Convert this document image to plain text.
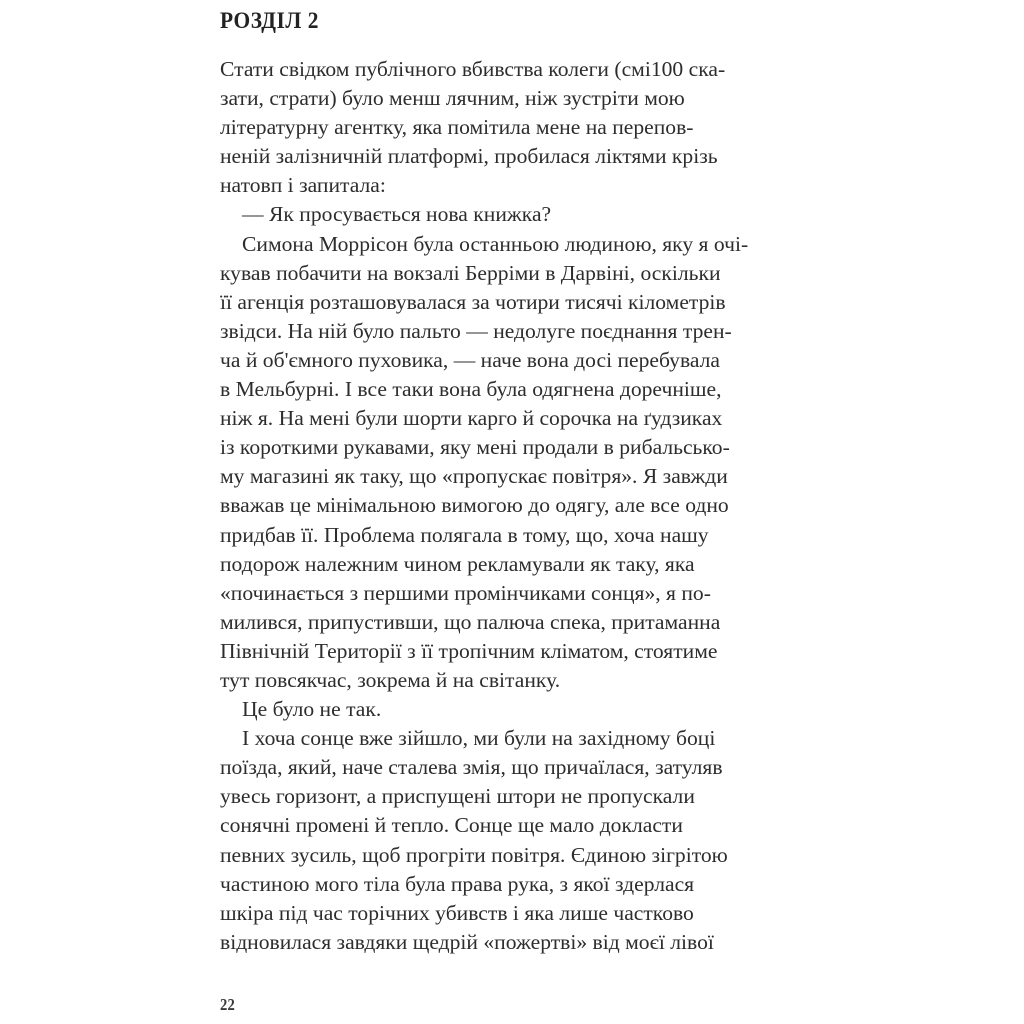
РОЗДІЛ 2

Стати свідком публічного вбивства колеги (смі100 ска-
зати, страти) було менш лячним, ніж зустріти мою
літературну агентку, яка помітила мене на перепов-
неній залізничній платформі, пробилася ліктями крізь
натовп і запитала:

— Як просувається нова книжка?

Симона Моррісон була останньою людиною, яку я очі-
кував побачити на вокзалі Берріми в Дарвіні, оскільки
її агенція розташовувалася за чотири тисячі кілометрів
звідси. На ній було пальто — недолуге поєднання трен-
ча й об'ємного пуховика, — наче вона досі перебувала
в Мельбурні. І все таки вона була одягнена доречніше,
ніж я. На мені були шорти карго й сорочка на ґудзиках
із короткими рукавами, яку мені продали в рибальсько-
му магазині як таку, що «пропускає повітря». Я завжди
вважав це мінімальною вимогою до одягу, але все одно
придбав її. Проблема полягала в тому, що, хоча нашу
подорож належним чином рекламували як таку, яка
«починається з першими промінчиками сонця», я по-
милився, припустивши, що палюча спека, притаманна
Північній Території з її тропічним кліматом, стоятиме
тут повсякчас, зокрема й на світанку.

Це було не так.

І хоча сонце вже зійшло, ми були на західному боці
поїзда, який, наче сталева змія, що причаїлася, затуляв
увесь горизонт, а приспущені штори не пропускали
сонячні промені й тепло. Сонце ще мало докласти
певних зусиль, щоб прогріти повітря. Єдиною зігрітою
частиною мого тіла була права рука, з якої здерлася
шкіра під час торічних убивств і яка лише частково
відновилася завдяки щедрій «пожертві» від моєї лівої

22
